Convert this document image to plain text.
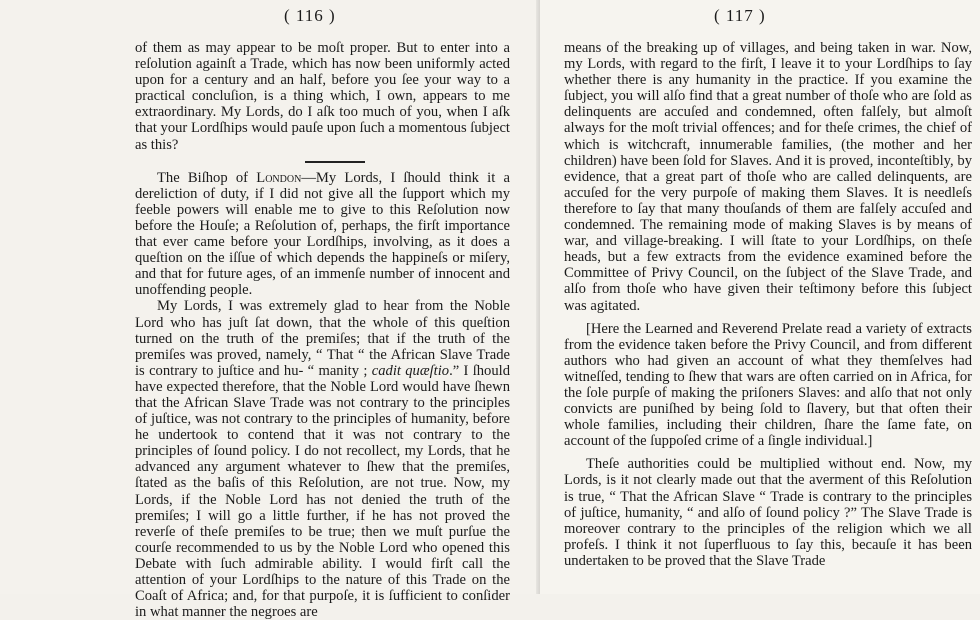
( 116 )

of them as may appear to be moſt proper. But to enter into a reſolution againſt a Trade, which has now been uniformly acted upon for a century and an half, before you ſee your way to a practical concluſion, is a thing which, I own, appears to me extraordinary. My Lords, do I aſk too much of you, when I aſk that your Lordſhips would pauſe upon ſuch a momentous ſubject as this?

The Biſhop of London—My Lords, I ſhould think it a dereliction of duty, if I did not give all the ſupport which my feeble powers will enable me to give to this Reſolution now before the Houſe; a Reſolution of, perhaps, the firſt importance that ever came before your Lordſhips, involving, as it does a queſtion on the iſſue of which depends the happineſs or miſery, and that for future ages, of an immenſe number of innocent and unoffending people.

My Lords, I was extremely glad to hear from the Noble Lord who has juſt ſat down, that the whole of this queſtion turned on the truth of the premiſes; that if the truth of the premiſes was proved, namely, “ That “ the African Slave Trade is contrary to juſtice and hu- “ manity ; cadit quæſtio.” I ſhould have expected therefore, that the Noble Lord would have ſhewn that the African Slave Trade was not contrary to the principles of juſtice, was not contrary to the principles of humanity, before he undertook to contend that it was not contrary to the principles of ſound policy. I do not recollect, my Lords, that he advanced any argument whatever to ſhew that the premiſes, ſtated as the baſis of this Reſolution, are not true. Now, my Lords, if the Noble Lord has not denied the truth of the premiſes; I will go a little further, if he has not proved the reverſe of theſe premiſes to be true; then we muſt purſue the courſe recommended to us by the Noble Lord who opened this Debate with ſuch admirable ability. I would firſt call the attention of your Lordſhips to the nature of this Trade on the Coaſt of Africa; and, for that purpoſe, it is ſufficient to conſider in what manner the negroes are

( 117 )

means of the breaking up of villages, and being taken in war. Now, my Lords, with regard to the firſt, I leave it to your Lordſhips to ſay whether there is any humanity in the practice. If you examine the ſubject, you will alſo find that a great number of thoſe who are ſold as delinquents are accuſed and condemned, often falſely, but almoſt always for the moſt trivial offences; and for theſe crimes, the chief of which is witchcraft, innumerable families, (the mother and her children) have been ſold for Slaves. And it is proved, inconteſtibly, by evidence, that a great part of thoſe who are called delinquents, are accuſed for the very purpoſe of making them Slaves. It is needleſs therefore to ſay that many thouſands of them are falſely accuſed and condemned. The remaining mode of making Slaves is by means of war, and village-breaking. I will ſtate to your Lordſhips, on theſe heads, but a few extracts from the evidence examined before the Committee of Privy Council, on the ſubject of the Slave Trade, and alſo from thoſe who have given their teſtimony before this ſubject was agitated.

[Here the Learned and Reverend Prelate read a variety of extracts from the evidence taken before the Privy Council, and from different authors who had given an account of what they themſelves had witneſſed, tending to ſhew that wars are often carried on in Africa, for the ſole purpſe of making the priſoners Slaves: and alſo that not only convicts are puniſhed by being ſold to ſlavery, but that often their whole families, including their children, ſhare the ſame fate, on account of the ſuppoſed crime of a ſingle individual.]

Theſe authorities could be multiplied without end. Now, my Lords, is it not clearly made out that the averment of this Reſolution is true, “ That the African Slave “ Trade is contrary to the principles of juſtice, humanity, “ and alſo of ſound policy ?” The Slave Trade is moreover contrary to the principles of the religion which we all profeſs. I think it not ſuperfluous to ſay this, becauſe it has been undertaken to be proved that the Slave Trade
